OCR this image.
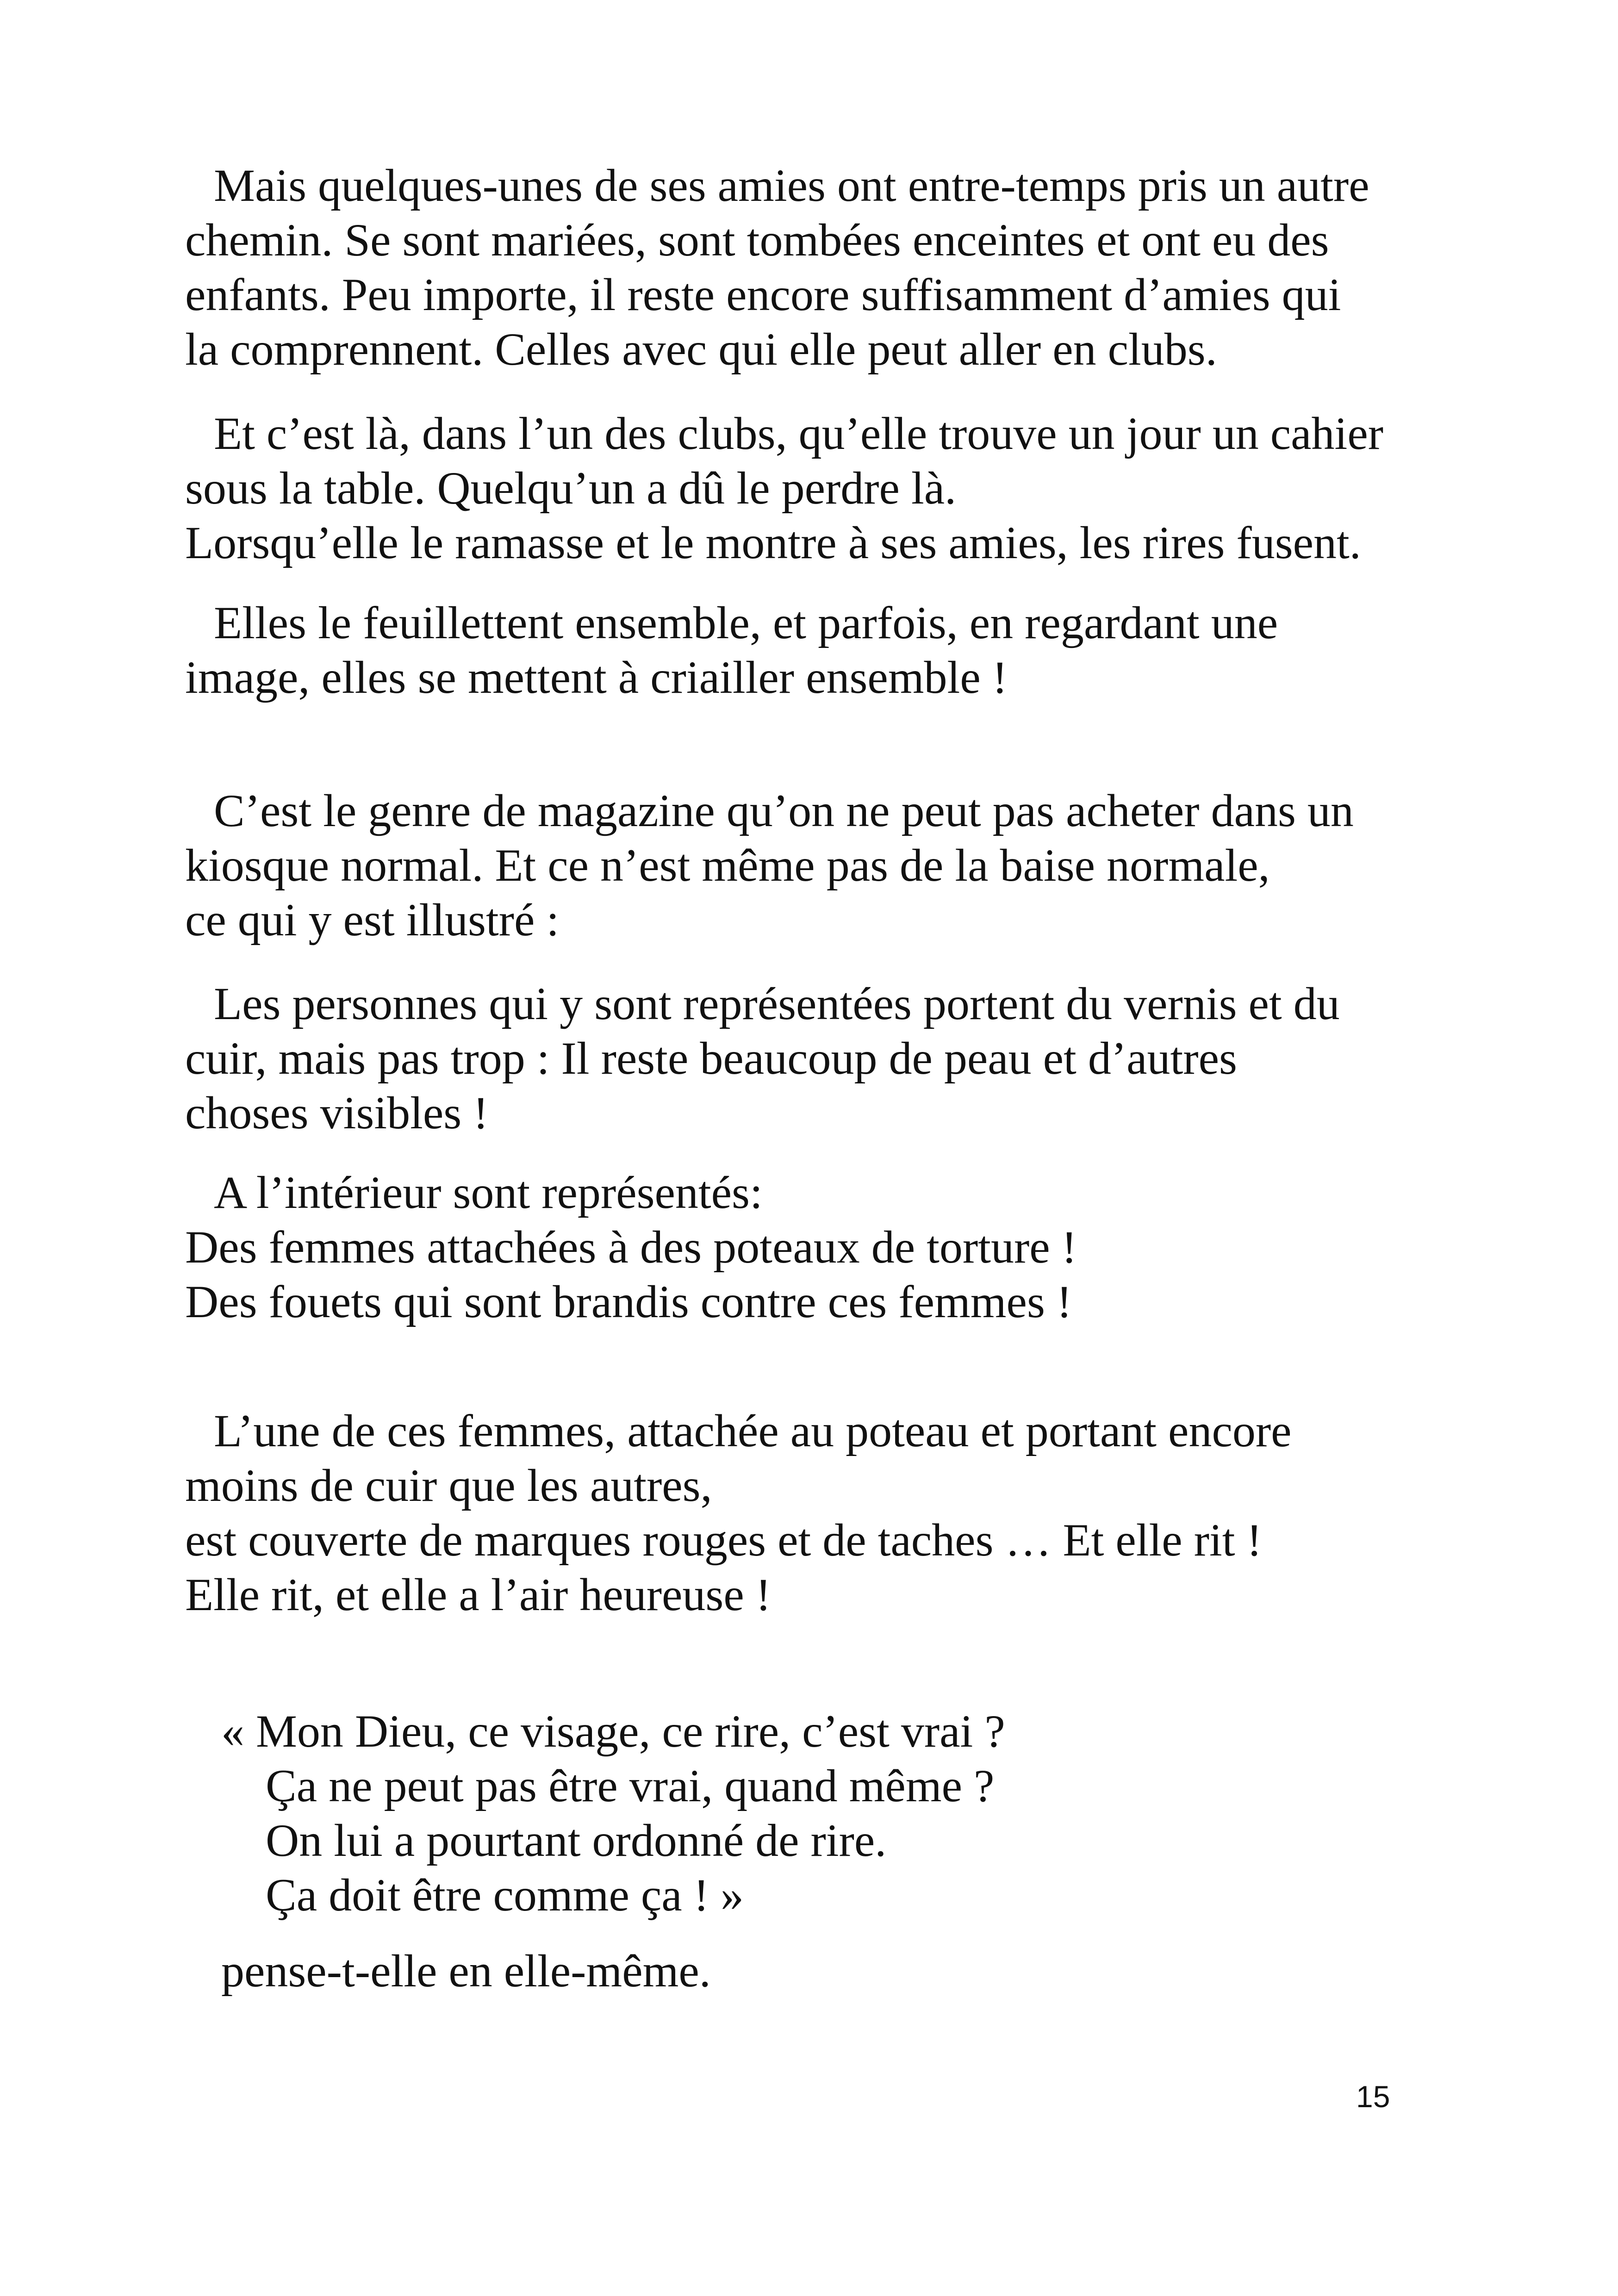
Mais quelques-unes de ses amies ont entre-temps pris un autre
chemin. Se sont mariées, sont tombées enceintes et ont eu des
enfants. Peu importe, il reste encore suffisamment d’amies qui
la comprennent. Celles avec qui elle peut aller en clubs.

Et c’est là, dans l’un des clubs, qu’elle trouve un jour un cahier
sous la table. Quelqu’un a dû le perdre là.
Lorsqu’elle le ramasse et le montre à ses amies, les rires fusent.

Elles le feuillettent ensemble, et parfois, en regardant une
image, elles se mettent à criailler ensemble !

C’est le genre de magazine qu’on ne peut pas acheter dans un
kiosque normal. Et ce n’est même pas de la baise normale,
ce qui y est illustré :

Les personnes qui y sont représentées portent du vernis et du
cuir, mais pas trop : Il reste beaucoup de peau et d’autres
choses visibles !

A l’intérieur sont représentés:
Des femmes attachées à des poteaux de torture !
Des fouets qui sont brandis contre ces femmes !

L’une de ces femmes, attachée au poteau et portant encore
moins de cuir que les autres,
est couverte de marques rouges et de taches … Et elle rit !
Elle rit, et elle a l’air heureuse !

« Mon Dieu, ce visage, ce rire, c’est vrai ?
Ça ne peut pas être vrai, quand même ?
On lui a pourtant ordonné de rire.
Ça doit être comme ça ! »

pense-t-elle en elle-même.

15
